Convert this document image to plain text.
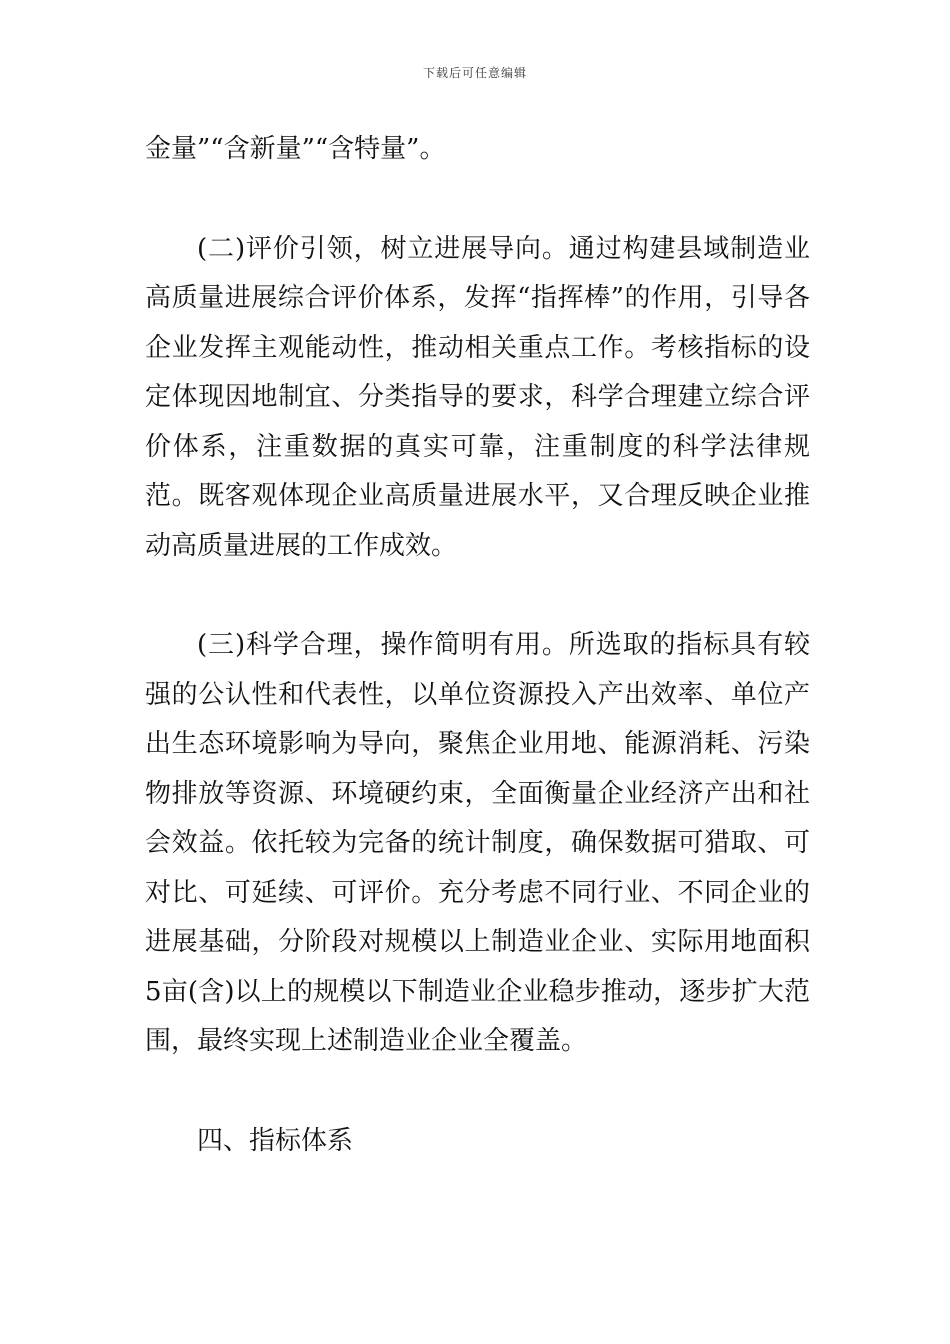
下载后可任意编辑

金量”“含新量”“含特量”。

(二)评价引领，树立进展导向。通过构建县域制造业高质量进展综合评价体系，发挥“指挥棒”的作用，引导各企业发挥主观能动性，推动相关重点工作。考核指标的设定体现因地制宜、分类指导的要求，科学合理建立综合评价体系，注重数据的真实可靠，注重制度的科学法律规范。既客观体现企业高质量进展水平，又合理反映企业推动高质量进展的工作成效。

(三)科学合理，操作简明有用。所选取的指标具有较强的公认性和代表性，以单位资源投入产出效率、单位产出生态环境影响为导向，聚焦企业用地、能源消耗、污染物排放等资源、环境硬约束，全面衡量企业经济产出和社会效益。依托较为完备的统计制度，确保数据可猎取、可对比、可延续、可评价。充分考虑不同行业、不同企业的进展基础，分阶段对规模以上制造业企业、实际用地面积5亩(含)以上的规模以下制造业企业稳步推动，逐步扩大范围，最终实现上述制造业企业全覆盖。

四、指标体系
